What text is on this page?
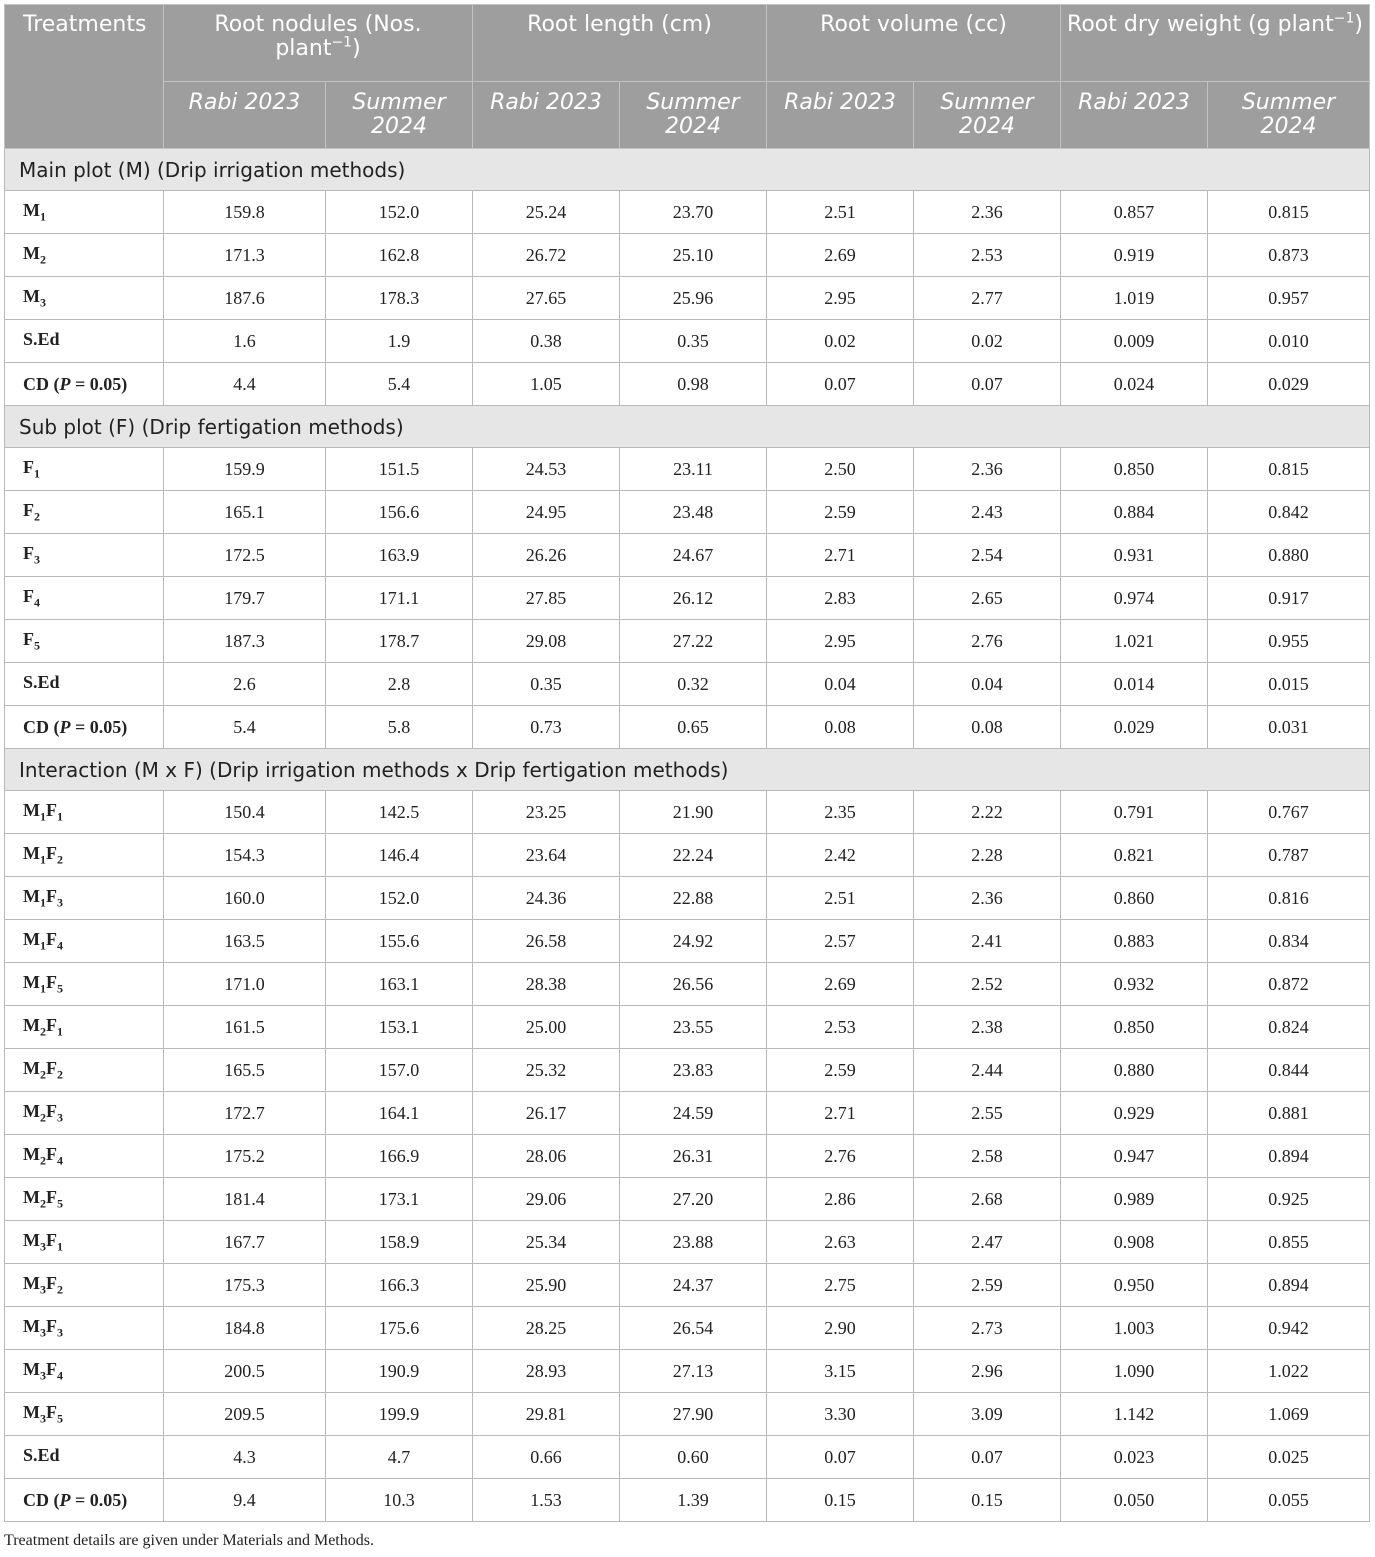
Treatments	Root nodules (Nos. plant$^{-1}$)		Root length (cm)		Root volume (cc)		Root dry weight (g plant$^{-1}$)	
	Rabi 2023	Summer 2024	Rabi 2023	Summer 2024	Rabi 2023	Summer 2024	Rabi 2023	Summer 2024
Main plot (M) (Drip irrigation methods)								
$M_1$	159.8	152.0	25.24	23.70	2.51	2.36	0.857	0.815
$M_2$	171.3	162.8	26.72	25.10	2.69	2.53	0.919	0.873
$M_3$	187.6	178.3	27.65	25.96	2.95	2.77	1.019	0.957
S.Ed	1.6	1.9	0.38	0.35	0.02	0.02	0.009	0.010
CD (P = 0.05)	4.4	5.4	1.05	0.98	0.07	0.07	0.024	0.029
Sub plot (F) (Drip fertigation methods)								
$F_1$	159.9	151.5	24.53	23.11	2.50	2.36	0.850	0.815
$F_2$	165.1	156.6	24.95	23.48	2.59	2.43	0.884	0.842
$F_3$	172.5	163.9	26.26	24.67	2.71	2.54	0.931	0.880
$F_4$	179.7	171.1	27.85	26.12	2.83	2.65	0.974	0.917
$F_5$	187.3	178.7	29.08	27.22	2.95	2.76	1.021	0.955
S.Ed	2.6	2.8	0.35	0.32	0.04	0.04	0.014	0.015
CD (P = 0.05)	5.4	5.8	0.73	0.65	0.08	0.08	0.029	0.031
Interaction (M x F) (Drip irrigation methods x Drip fertigation methods)								
$M_1F_1$	150.4	142.5	23.25	21.90	2.35	2.22	0.791	0.767
$M_1F_2$	154.3	146.4	23.64	22.24	2.42	2.28	0.821	0.787
$M_1F_3$	160.0	152.0	24.36	22.88	2.51	2.36	0.860	0.816
$M_1F_4$	163.5	155.6	26.58	24.92	2.57	2.41	0.883	0.834
$M_1F_5$	171.0	163.1	28.38	26.56	2.69	2.52	0.932	0.872
$M_2F_1$	161.5	153.1	25.00	23.55	2.53	2.38	0.850	0.824
$M_2F_2$	165.5	157.0	25.32	23.83	2.59	2.44	0.880	0.844
$M_2F_3$	172.7	164.1	26.17	24.59	2.71	2.55	0.929	0.881
$M_2F_4$	175.2	166.9	28.06	26.31	2.76	2.58	0.947	0.894
$M_2F_5$	181.4	173.1	29.06	27.20	2.86	2.68	0.989	0.925
$M_3F_1$	167.7	158.9	25.34	23.88	2.63	2.47	0.908	0.855
$M_3F_2$	175.3	166.3	25.90	24.37	2.75	2.59	0.950	0.894
$M_3F_3$	184.8	175.6	28.25	26.54	2.90	2.73	1.003	0.942
$M_3F_4$	200.5	190.9	28.93	27.13	3.15	2.96	1.090	1.022
$M_3F_5$	209.5	199.9	29.81	27.90	3.30	3.09	1.142	1.069
S.Ed	4.3	4.7	0.66	0.60	0.07	0.07	0.023	0.025
CD (P = 0.05)	9.4	10.3	1.53	1.39	0.15	0.15	0.050	0.055
Treatment details are given under Materials and Methods.
